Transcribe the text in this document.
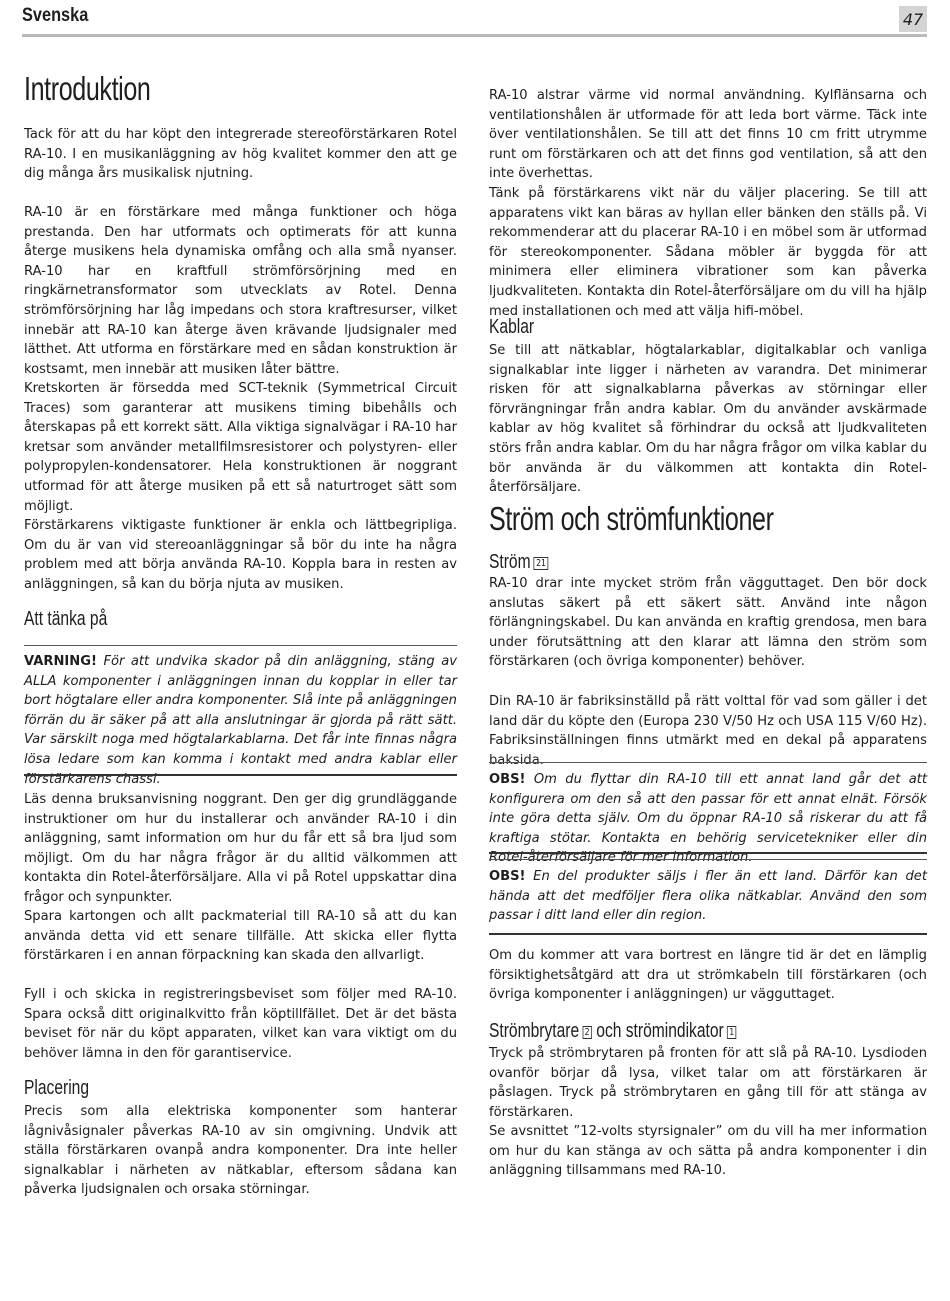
Svenska	47
Introduktion

Tack för att du har köpt den integrerade stereoförstärkaren Rotel RA-10. I en musikanläggning av hög kvalitet kommer den att ge dig många års musikalisk njutning.

RA-10 är en förstärkare med många funktioner och höga prestanda. Den har utformats och optimerats för att kunna återge musikens hela dynamiska omfång och alla små nyanser. RA-10 har en kraftfull strömförsörjning med en ringkärnetransformator som utvecklats av Rotel. Denna strömförsörjning har låg impedans och stora kraftresurser, vilket innebär att RA-10 kan återge även krävande ljudsignaler med lätthet. Att utforma en förstärkare med en sådan konstruktion är kostsamt, men innebär att musiken låter bättre.

Kretskorten är försedda med SCT-teknik (Symmetrical Circuit Traces) som garanterar att musikens timing bibehålls och återskapas på ett korrekt sätt. Alla viktiga signalvägar i RA-10 har kretsar som använder metallfilmsresistorer och polystyren- eller polypropylen-kondensatorer. Hela konstruktionen är noggrant utformad för att återge musiken på ett så naturtroget sätt som möjligt.

Förstärkarens viktigaste funktioner är enkla och lättbegripliga. Om du är van vid stereoanläggningar så bör du inte ha några problem med att börja använda RA-10. Koppla bara in resten av anläggningen, så kan du börja njuta av musiken.

Att tänka på

VARNING! För att undvika skador på din anläggning, stäng av ALLA komponenter i anläggningen innan du kopplar in eller tar bort högtalare eller andra komponenter. Slå inte på anläggningen förrän du är säker på att alla anslutningar är gjorda på rätt sätt. Var särskilt noga med högtalarkablarna. Det får inte finnas några lösa ledare som kan komma i kontakt med andra kablar eller förstärkarens chassi.

Läs denna bruksanvisning noggrant. Den ger dig grundläggande instruktioner om hur du installerar och använder RA-10 i din anläggning, samt information om hur du får ett så bra ljud som möjligt. Om du har några frågor är du alltid välkommen att kontakta din Rotel-återförsäljare. Alla vi på Rotel uppskattar dina frågor och synpunkter.

Spara kartongen och allt packmaterial till RA-10 så att du kan använda detta vid ett senare tillfälle. Att skicka eller flytta förstärkaren i en annan förpackning kan skada den allvarligt.

Fyll i och skicka in registreringsbeviset som följer med RA-10. Spara också ditt originalkvitto från köptillfället. Det är det bästa beviset för när du köpt apparaten, vilket kan vara viktigt om du behöver lämna in den för garantiservice.

Placering

Precis som alla elektriska komponenter som hanterar lågnivåsignaler påverkas RA-10 av sin omgivning. Undvik att ställa förstärkaren ovanpå andra komponenter. Dra inte heller signalkablar i närheten av nätkablar, eftersom sådana kan påverka ljudsignalen och orsaka störningar.

RA-10 alstrar värme vid normal användning. Kylflänsarna och ventilationshålen är utformade för att leda bort värme. Täck inte över ventilationshålen. Se till att det finns 10 cm fritt utrymme runt om förstärkaren och att det finns god ventilation, så att den inte överhettas.

Tänk på förstärkarens vikt när du väljer placering. Se till att apparatens vikt kan bäras av hyllan eller bänken den ställs på. Vi rekommenderar att du placerar RA-10 i en möbel som är utformad för stereokomponenter. Sådana möbler är byggda för att minimera eller eliminera vibrationer som kan påverka ljudkvaliteten. Kontakta din Rotel-återförsäljare om du vill ha hjälp med installationen och med att välja hifi-möbel.

Kablar

Se till att nätkablar, högtalarkablar, digitalkablar och vanliga signalkablar inte ligger i närheten av varandra. Det minimerar risken för att signalkablarna påverkas av störningar eller förvrängningar från andra kablar. Om du använder avskärmade kablar av hög kvalitet så förhindrar du också att ljudkvaliteten störs från andra kablar. Om du har några frågor om vilka kablar du bör använda är du välkommen att kontakta din Rotel-återförsäljare.

Ström och strömfunktioner
Ström 21

RA-10 drar inte mycket ström från vägguttaget. Den bör dock anslutas säkert på ett säkert sätt. Använd inte någon förlängningskabel. Du kan använda en kraftig grendosa, men bara under förutsättning att den klarar att lämna den ström som förstärkaren (och övriga komponenter) behöver.

Din RA-10 är fabriksinställd på rätt volttal för vad som gäller i det land där du köpte den (Europa 230 V/50 Hz och USA 115 V/60 Hz). Fabriksinställningen finns utmärkt med en dekal på apparatens baksida.

OBS! Om du flyttar din RA-10 till ett annat land går det att konfigurera om den så att den passar för ett annat elnät. Försök inte göra detta själv. Om du öppnar RA-10 så riskerar du att få kraftiga stötar. Kontakta en behörig servicetekniker eller din Rotel-återförsäljare för mer information.

OBS! En del produkter säljs i fler än ett land. Därför kan det hända att det medföljer flera olika nätkablar. Använd den som passar i ditt land eller din region.

Om du kommer att vara bortrest en längre tid är det en lämplig försiktighetsåtgärd att dra ut strömkabeln till förstärkaren (och övriga komponenter i anläggningen) ur vägguttaget.

Strömbrytare 2 och strömindikator 1

Tryck på strömbrytaren på fronten för att slå på RA-10. Lysdioden ovanför börjar då lysa, vilket talar om att förstärkaren är påslagen. Tryck på strömbrytaren en gång till för att stänga av förstärkaren.

Se avsnittet ”12-volts styrsignaler” om du vill ha mer information om hur du kan stänga av och sätta på andra komponenter i din anläggning tillsammans med RA-10.
